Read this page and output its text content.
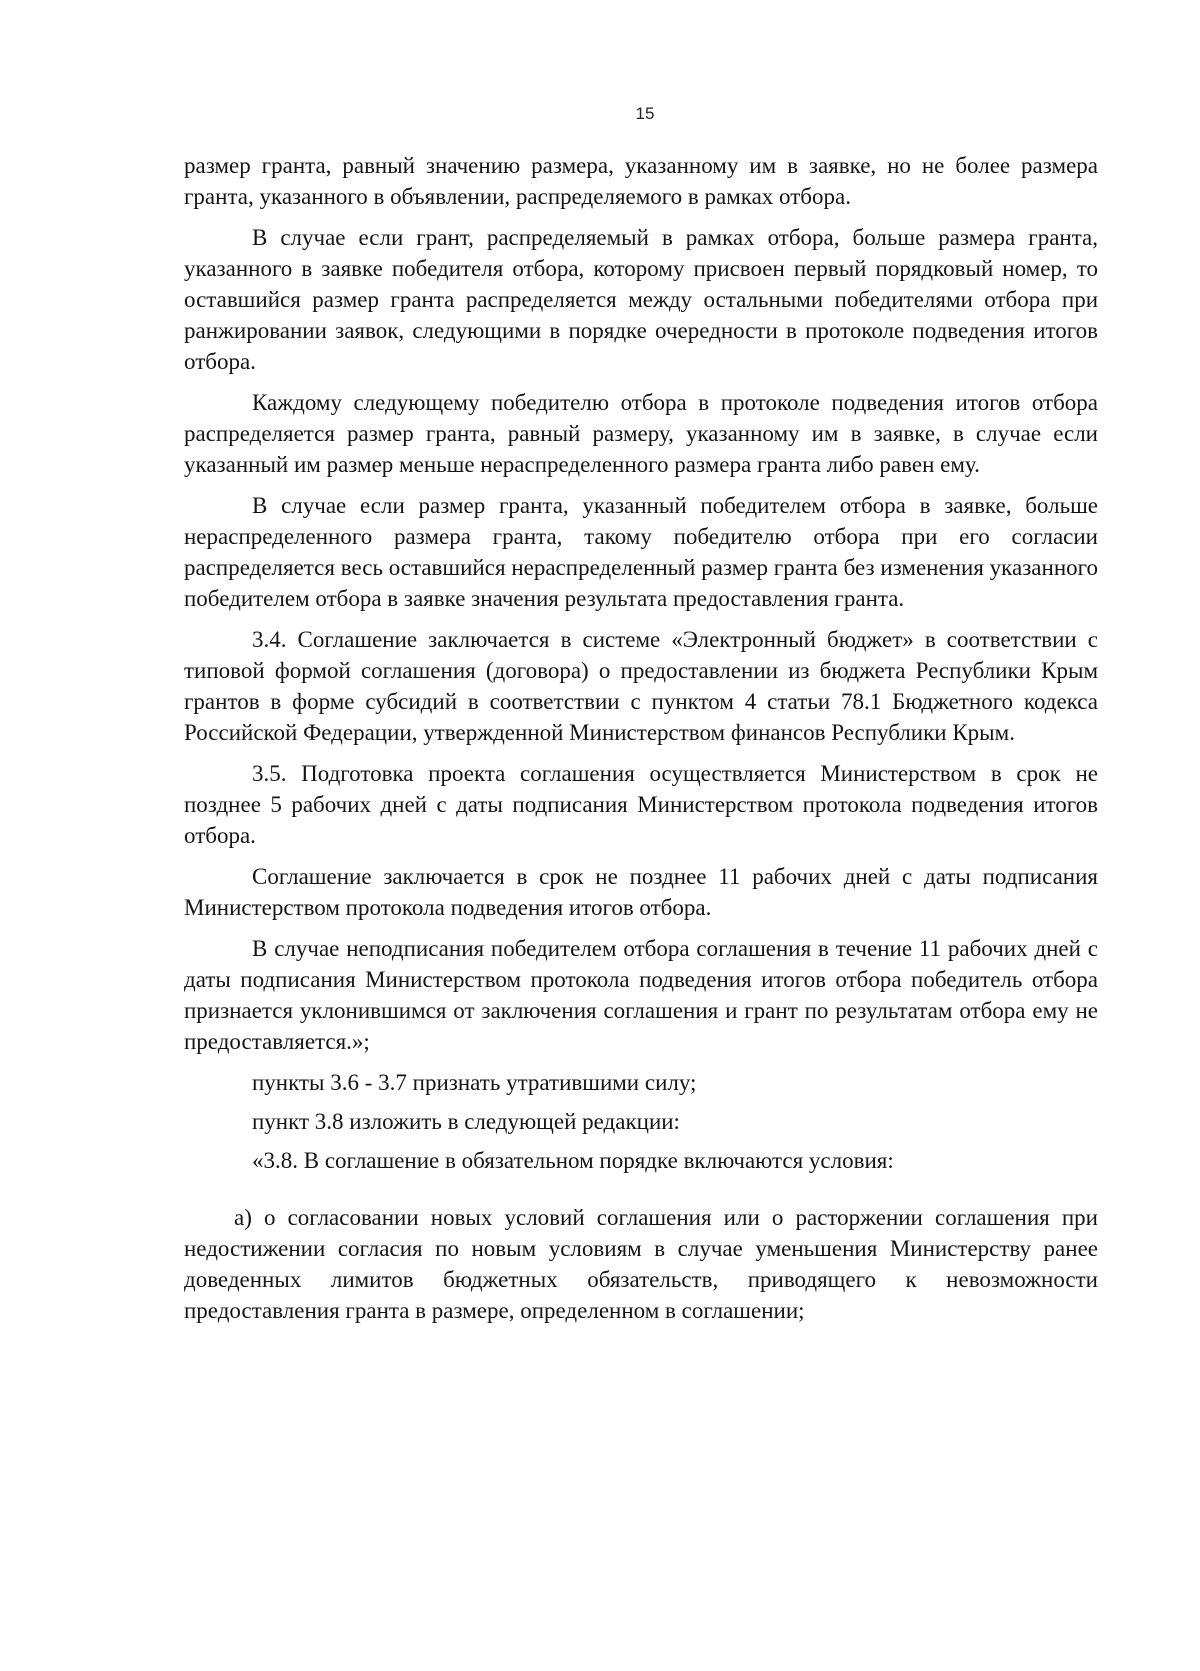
15

размер гранта, равный значению размера, указанному им в заявке, но не более размера гранта, указанного в объявлении, распределяемого в рамках отбора.

В случае если грант, распределяемый в рамках отбора, больше размера гранта, указанного в заявке победителя отбора, которому присвоен первый порядковый номер, то оставшийся размер гранта распределяется между остальными победителями отбора при ранжировании заявок, следующими в порядке очередности в протоколе подведения итогов отбора.

Каждому следующему победителю отбора в протоколе подведения итогов отбора распределяется размер гранта, равный размеру, указанному им в заявке, в случае если указанный им размер меньше нераспределенного размера гранта либо равен ему.

В случае если размер гранта, указанный победителем отбора в заявке, больше нераспределенного размера гранта, такому победителю отбора при его согласии распределяется весь оставшийся нераспределенный размер гранта без изменения указанного победителем отбора в заявке значения результата предоставления гранта.

3.4. Соглашение заключается в системе «Электронный бюджет» в соответствии с типовой формой соглашения (договора) о предоставлении из бюджета Республики Крым грантов в форме субсидий в соответствии с пунктом 4 статьи 78.1 Бюджетного кодекса Российской Федерации, утвержденной Министерством финансов Республики Крым.

3.5. Подготовка проекта соглашения осуществляется Министерством в срок не позднее 5 рабочих дней с даты подписания Министерством протокола подведения итогов отбора.

Соглашение заключается в срок не позднее 11 рабочих дней с даты подписания Министерством протокола подведения итогов отбора.

В случае неподписания победителем отбора соглашения в течение 11 рабочих дней с даты подписания Министерством протокола подведения итогов отбора победитель отбора признается уклонившимся от заключения соглашения и грант по результатам отбора ему не предоставляется.»;

пункты 3.6 - 3.7 признать утратившими силу;

пункт 3.8 изложить в следующей редакции:

«3.8. В соглашение в обязательном порядке включаются условия:

а) о согласовании новых условий соглашения или о расторжении соглашения при недостижении согласия по новым условиям в случае уменьшения Министерству ранее доведенных лимитов бюджетных обязательств, приводящего к невозможности предоставления гранта в размере, определенном в соглашении;
